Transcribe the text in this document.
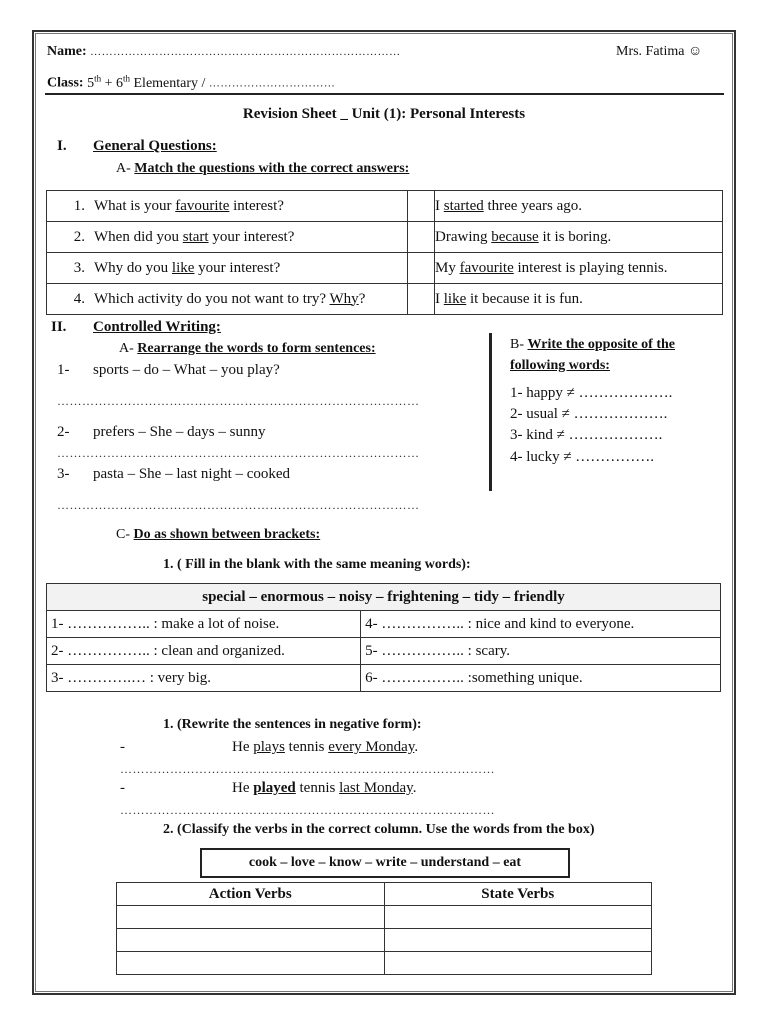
Name: ………………………………………………………………………	Mrs. Fatima ☺
Class: 5th + 6th Elementary / ……………………………
Revision Sheet _ Unit (1): Personal Interests
I. General Questions:
A- Match the questions with the correct answers:
1. What is your favourite interest?		I started three years ago.
2. When did you start your interest?		Drawing because it is boring.
3. Why do you like your interest?		My favourite interest is playing tennis.
4. Which activity do you not want to try? Why?		I like it because it is fun.
II. Controlled Writing:
A- Rearrange the words to form sentences:
1- sports – do – What – you play?
……………………………………………………………………………
2- prefers – She – days – sunny
……………………………………………………………………………
3- pasta – She – last night – cooked
……………………………………………………………………………
B- Write the opposite of the
following words:
1- happy ≠ ……………….
2- usual ≠ ……………….
3- kind ≠ ……………….
4- lucky ≠ …………….
C- Do as shown between brackets:
1. ( Fill in the blank with the same meaning words):
special – enormous – noisy – frightening – tidy – friendly	
1- …………….. : make a lot of noise.	4- …………….. : nice and kind to everyone.
2- …………….. : clean and organized.	5- …………….. : scary.
3- ………….… : very big.	6- …………….. :something unique.
1. (Rewrite the sentences in negative form):
-	He plays tennis every Monday.
………………………………………………………………………………
-	He played tennis last Monday.
………………………………………………………………………………
2. (Classify the verbs in the correct column. Use the words from the box)
cook – love – know – write – understand – eat
Action Verbs	State Verbs
